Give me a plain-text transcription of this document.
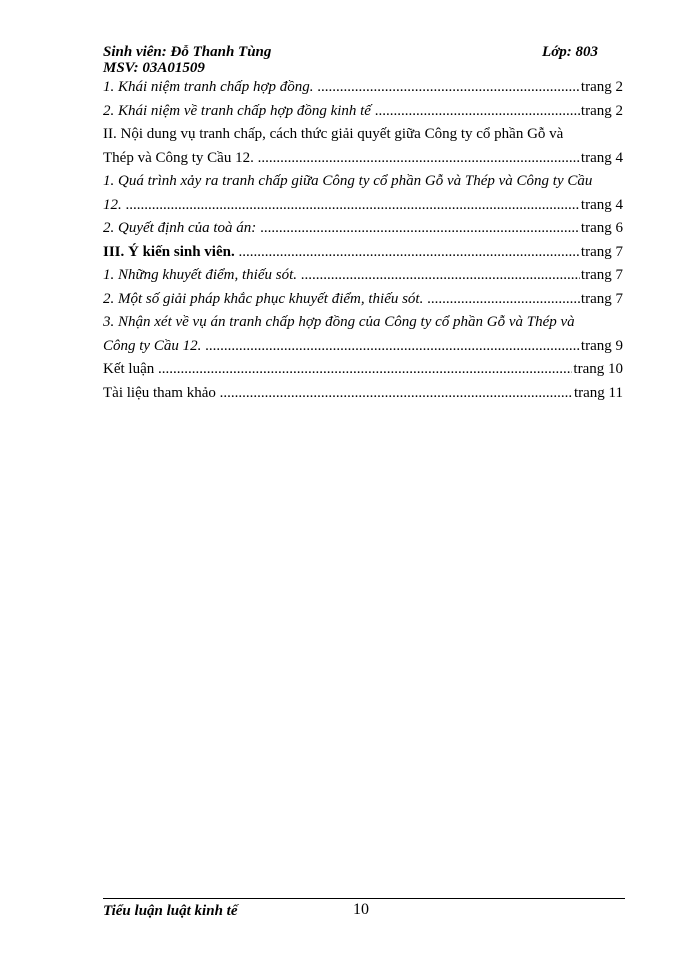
Sinh viên: Đỗ Thanh Tùng	Lớp: 803
MSV: 03A01509
trang 2
1. Khái niệm tranh chấp hợp đồng. .....
trang 2
2. Khái niệm về tranh chấp hợp đồng kinh tế .....
II. Nội dung vụ tranh chấp, cách thức giải quyết giữa Công ty cổ phần Gỗ và
trang 4
Thép và Công ty Cầu 12. .....
1. Quá trình xảy ra tranh chấp giữa Công ty cổ phần Gỗ và Thép và Công ty Cầu
trang 4
12. .....
trang 6
2. Quyết định của toà án: .....
trang 7
III. Ý kiến sinh viên. .....
trang 7
1. Những khuyết điểm, thiếu sót. .....
trang 7
2. Một số giải pháp khắc phục khuyết điểm, thiếu sót. .....
3. Nhận xét về vụ án tranh chấp hợp đồng của Công ty cổ phần Gỗ và Thép và
trang 9
Công ty Cầu 12. .....
trang 10
Kết luận .....
trang 11
Tài liệu tham khảo .....
Tiểu luận luật kinh tế	10
